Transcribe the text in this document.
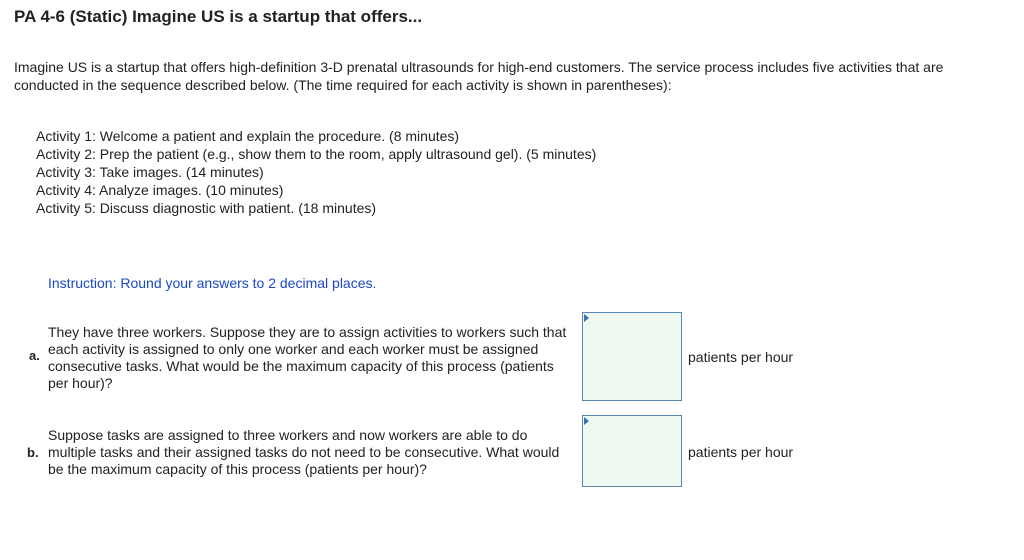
PA 4-6 (Static) Imagine US is a startup that offers...
Imagine US is a startup that offers high-definition 3-D prenatal ultrasounds for high-end customers. The service process includes five activities that are conducted in the sequence described below. (The time required for each activity is shown in parentheses):
Activity 1: Welcome a patient and explain the procedure. (8 minutes)
Activity 2: Prep the patient (e.g., show them to the room, apply ultrasound gel). (5 minutes)
Activity 3: Take images. (14 minutes)
Activity 4: Analyze images. (10 minutes)
Activity 5: Discuss diagnostic with patient. (18 minutes)
Instruction: Round your answers to 2 decimal places.
a.
They have three workers. Suppose they are to assign activities to workers such that each activity is assigned to only one worker and each worker must be assigned consecutive tasks. What would be the maximum capacity of this process (patients per hour)?
patients per hour
b.
Suppose tasks are assigned to three workers and now workers are able to do multiple tasks and their assigned tasks do not need to be consecutive. What would be the maximum capacity of this process (patients per hour)?
patients per hour
